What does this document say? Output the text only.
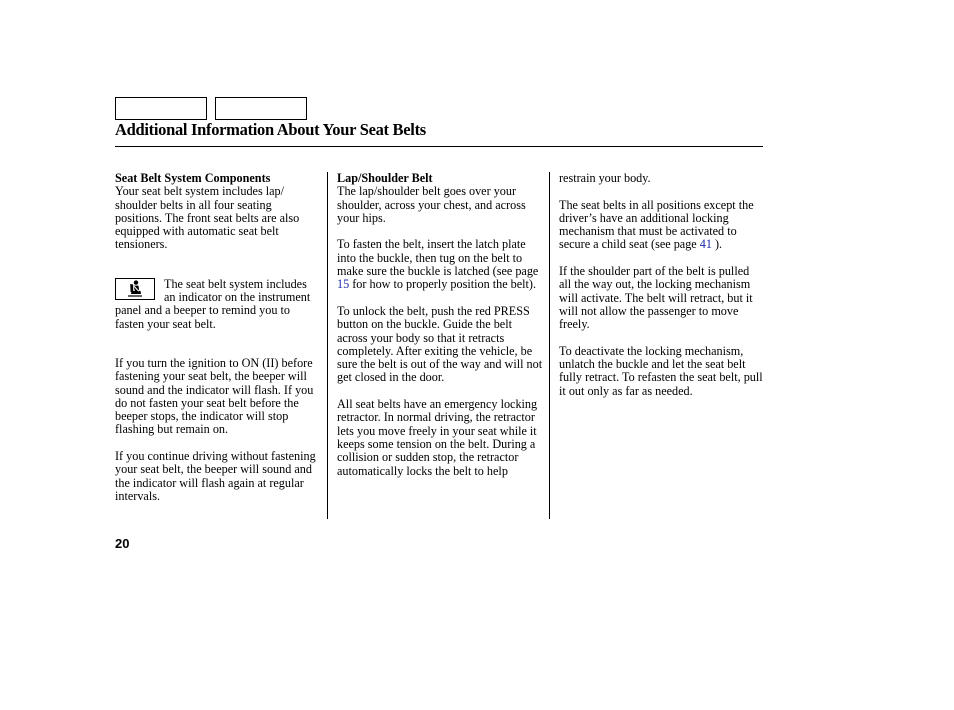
Additional Information About Your Seat Belts

Seat Belt System Components

Your seat belt system includes lap/ shoulder belts in all four seating positions. The front seat belts are also equipped with automatic seat belt tensioners.

The seat belt system includes an indicator on the instrument panel and a beeper to remind you to fasten your seat belt.

If you turn the ignition to ON (II) before fastening your seat belt, the beeper will sound and the indicator will flash. If you do not fasten your seat belt before the beeper stops, the indicator will stop flashing but remain on.

If you continue driving without fastening your seat belt, the beeper will sound and the indicator will flash again at regular intervals.

Lap/Shoulder Belt

The lap/shoulder belt goes over your shoulder, across your chest, and across your hips.

To fasten the belt, insert the latch plate into the buckle, then tug on the belt to make sure the buckle is latched (see page 15 for how to properly position the belt).

To unlock the belt, push the red PRESS button on the buckle. Guide the belt across your body so that it retracts completely. After exiting the vehicle, be sure the belt is out of the way and will not get closed in the door.

All seat belts have an emergency locking retractor. In normal driving, the retractor lets you move freely in your seat while it keeps some tension on the belt. During a collision or sudden stop, the retractor automatically locks the belt to help

restrain your body.

The seat belts in all positions except the driver’s have an additional locking mechanism that must be activated to secure a child seat (see page 41 ).

If the shoulder part of the belt is pulled all the way out, the locking mechanism will activate. The belt will retract, but it will not allow the passenger to move freely.

To deactivate the locking mechanism, unlatch the buckle and let the seat belt fully retract. To refasten the seat belt, pull it out only as far as needed.

20
